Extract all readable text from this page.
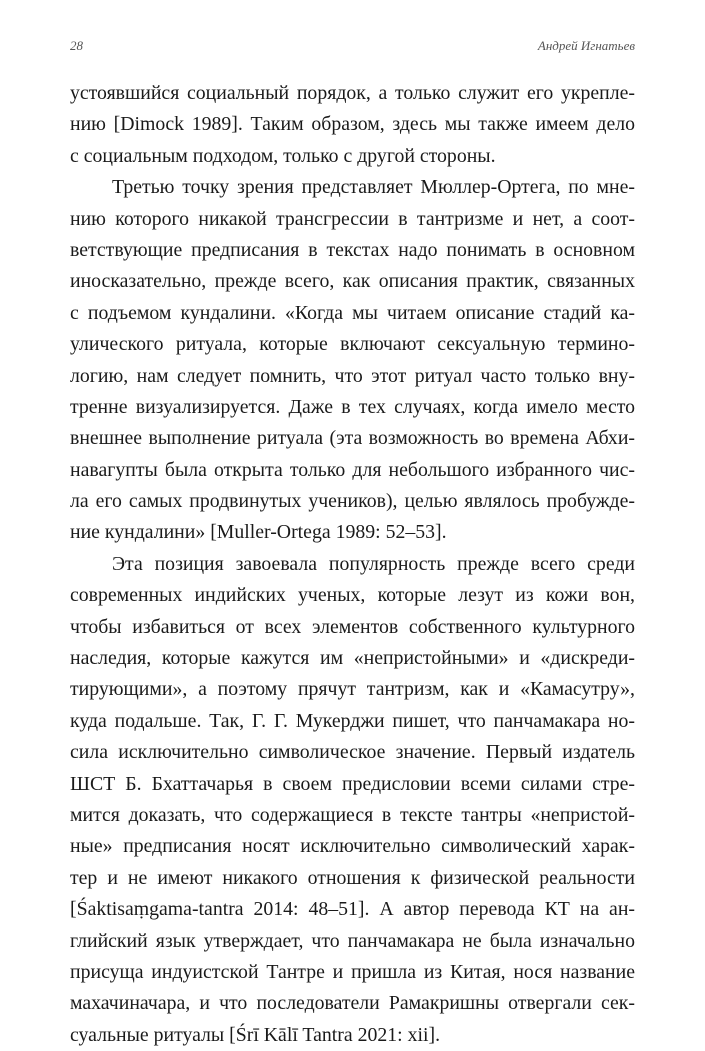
28	Андрей Игнатьев
устоявшийся социальный порядок, а только служит его укрепле-
нию [Dimock 1989]. Таким образом, здесь мы также имеем дело
с социальным подходом, только с другой стороны.
Третью точку зрения представляет Мюллер-Ортега, по мне-
нию которого никакой трансгрессии в тантризме и нет, а соот-
ветствующие предписания в текстах надо понимать в основном
иносказательно, прежде всего, как описания практик, связанных
с подъемом кундалини. «Когда мы читаем описание стадий ка-
улического ритуала, которые включают сексуальную термино-
логию, нам следует помнить, что этот ритуал часто только вну-
тренне визуализируется. Даже в тех случаях, когда имело место
внешнее выполнение ритуала (эта возможность во времена Абхи-
навагупты была открыта только для небольшого избранного чис-
ла его самых продвинутых учеников), целью являлось пробужде-
ние кундалини» [Muller-Ortega 1989: 52–53].
Эта позиция завоевала популярность прежде всего среди
современных индийских ученых, которые лезут из кожи вон,
чтобы избавиться от всех элементов собственного культурного
наследия, которые кажутся им «непристойными» и «дискреди-
тирующими», а поэтому прячут тантризм, как и «Камасутру»,
куда подальше. Так, Г. Г. Мукерджи пишет, что панчамакара но-
сила исключительно символическое значение. Первый издатель
ШСТ Б. Бхаттачарья в своем предисловии всеми силами стре-
мится доказать, что содержащиеся в тексте тантры «непристой-
ные» предписания носят исключительно символический харак-
тер и не имеют никакого отношения к физической реальности
[Śaktisaṃgama-tantra 2014: 48–51]. А автор перевода КТ на ан-
глийский язык утверждает, что панчамакара не была изначально
присуща индуистской Тантре и пришла из Китая, нося название
махачиначара, и что последователи Рамакришны отвергали сек-
суальные ритуалы [Śrī Kālī Tantra 2021: xii].
